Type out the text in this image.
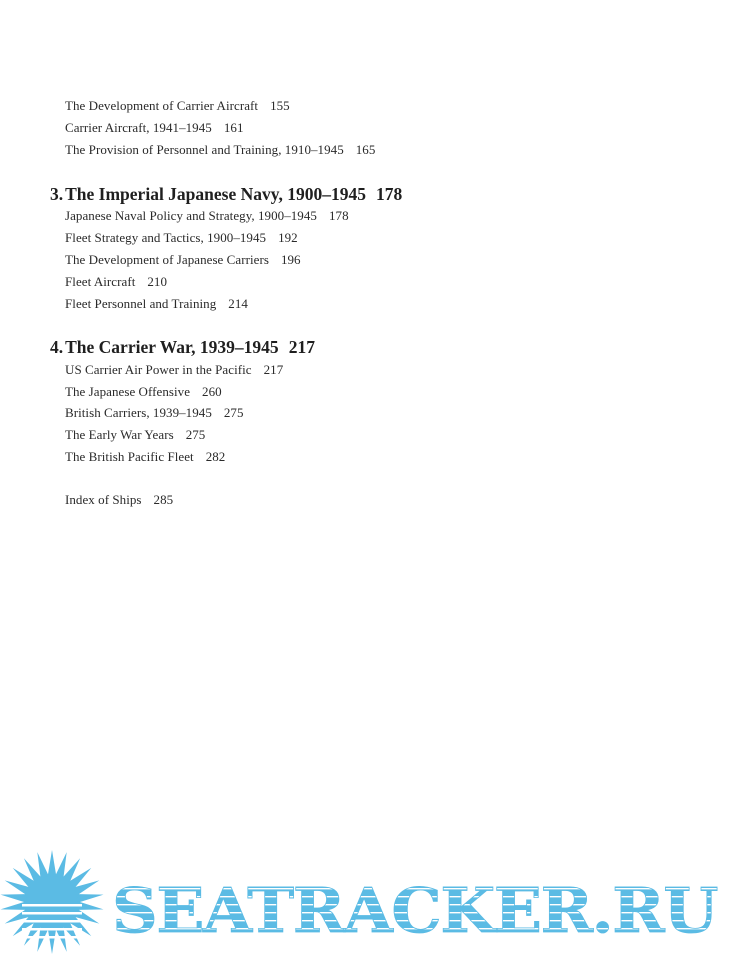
The Development of Carrier Aircraft 155
Carrier Aircraft, 1941–1945 161
The Provision of Personnel and Training, 1910–1945 165
3. The Imperial Japanese Navy, 1900–1945 178
Japanese Naval Policy and Strategy, 1900–1945 178
Fleet Strategy and Tactics, 1900–1945 192
The Development of Japanese Carriers 196
Fleet Aircraft 210
Fleet Personnel and Training 214
4. The Carrier War, 1939–1945 217
US Carrier Air Power in the Pacific 217
The Japanese Offensive 260
British Carriers, 1939–1945 275
The Early War Years 275
The British Pacific Fleet 282
Index of Ships 285
SEATRACKER.RU
